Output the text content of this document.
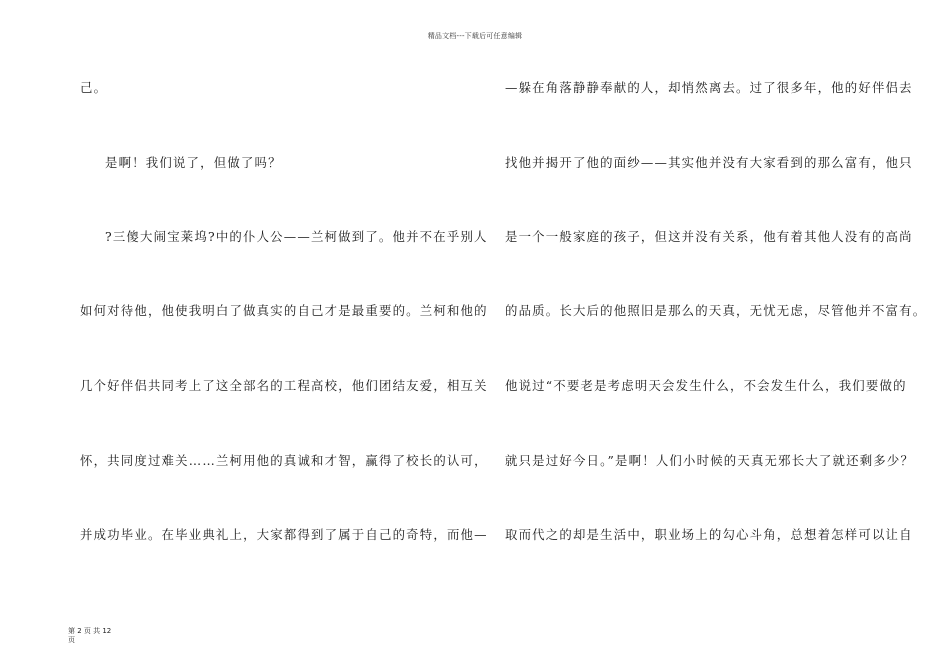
精品文档---下载后可任意编辑
己。
是啊！我们说了，但做了吗？
?三傻大闹宝莱坞?中的仆人公——兰柯做到了。他并不在乎别人
如何对待他，他使我明白了做真实的自己才是最重要的。兰柯和他的
几个好伴侣共同考上了这全部名的工程高校，他们团结友爱，相互关
怀，共同度过难关……兰柯用他的真诚和才智，赢得了校长的认可，
并成功毕业。在毕业典礼上，大家都得到了属于自己的奇特，而他—
—躲在角落静静奉献的人，却悄然离去。过了很多年，他的好伴侣去
找他并揭开了他的面纱——其实他并没有大家看到的那么富有，他只
是一个一般家庭的孩子，但这并没有关系，他有着其他人没有的高尚
的品质。长大后的他照旧是那么的天真，无忧无虑，尽管他并不富有。
他说过“不要老是考虑明天会发生什么，不会发生什么，我们要做的
就只是过好今日。”是啊！人们小时候的天真无邪长大了就还剩多少？
取而代之的却是生活中，职业场上的勾心斗角，总想着怎样可以让自
第 2 页 共 12
页
